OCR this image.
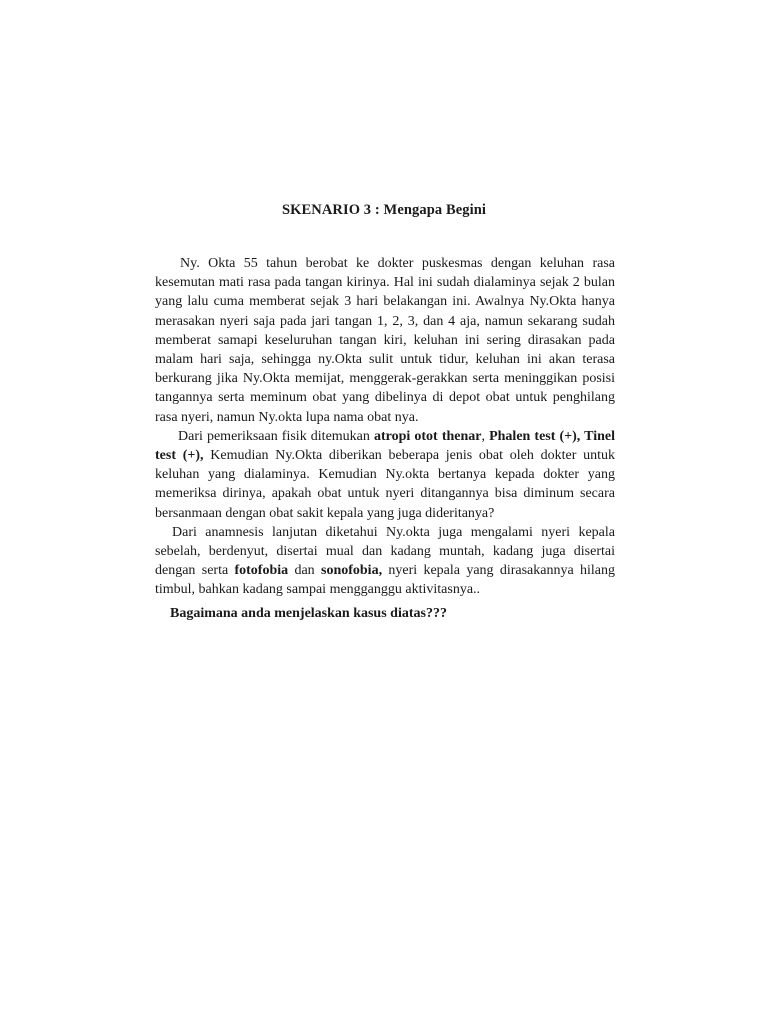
SKENARIO 3 : Mengapa Begini

Ny. Okta 55 tahun berobat ke dokter puskesmas dengan keluhan rasa kesemutan mati rasa pada tangan kirinya. Hal ini sudah dialaminya sejak 2 bulan yang lalu cuma memberat sejak 3 hari belakangan ini. Awalnya Ny.Okta hanya merasakan nyeri saja pada jari tangan 1, 2, 3, dan 4 aja, namun sekarang sudah memberat samapi keseluruhan tangan kiri, keluhan ini sering dirasakan pada malam hari saja, sehingga ny.Okta sulit untuk tidur, keluhan ini akan terasa berkurang jika Ny.Okta memijat, menggerak-gerakkan serta meninggikan posisi tangannya serta meminum obat yang dibelinya di depot obat untuk penghilang rasa nyeri, namun Ny.okta lupa nama obat nya.

Dari pemeriksaan fisik ditemukan atropi otot thenar, Phalen test (+), Tinel test (+), Kemudian Ny.Okta diberikan beberapa jenis obat oleh dokter untuk keluhan yang dialaminya. Kemudian Ny.okta bertanya kepada dokter yang memeriksa dirinya, apakah obat untuk nyeri ditangannya bisa diminum secara bersanmaan dengan obat sakit kepala yang juga dideritanya?

Dari anamnesis lanjutan diketahui Ny.okta juga mengalami nyeri kepala sebelah, berdenyut, disertai mual dan kadang muntah, kadang juga disertai dengan serta fotofobia dan sonofobia, nyeri kepala yang dirasakannya hilang timbul, bahkan kadang sampai mengganggu aktivitasnya..

Bagaimana anda menjelaskan kasus diatas???
